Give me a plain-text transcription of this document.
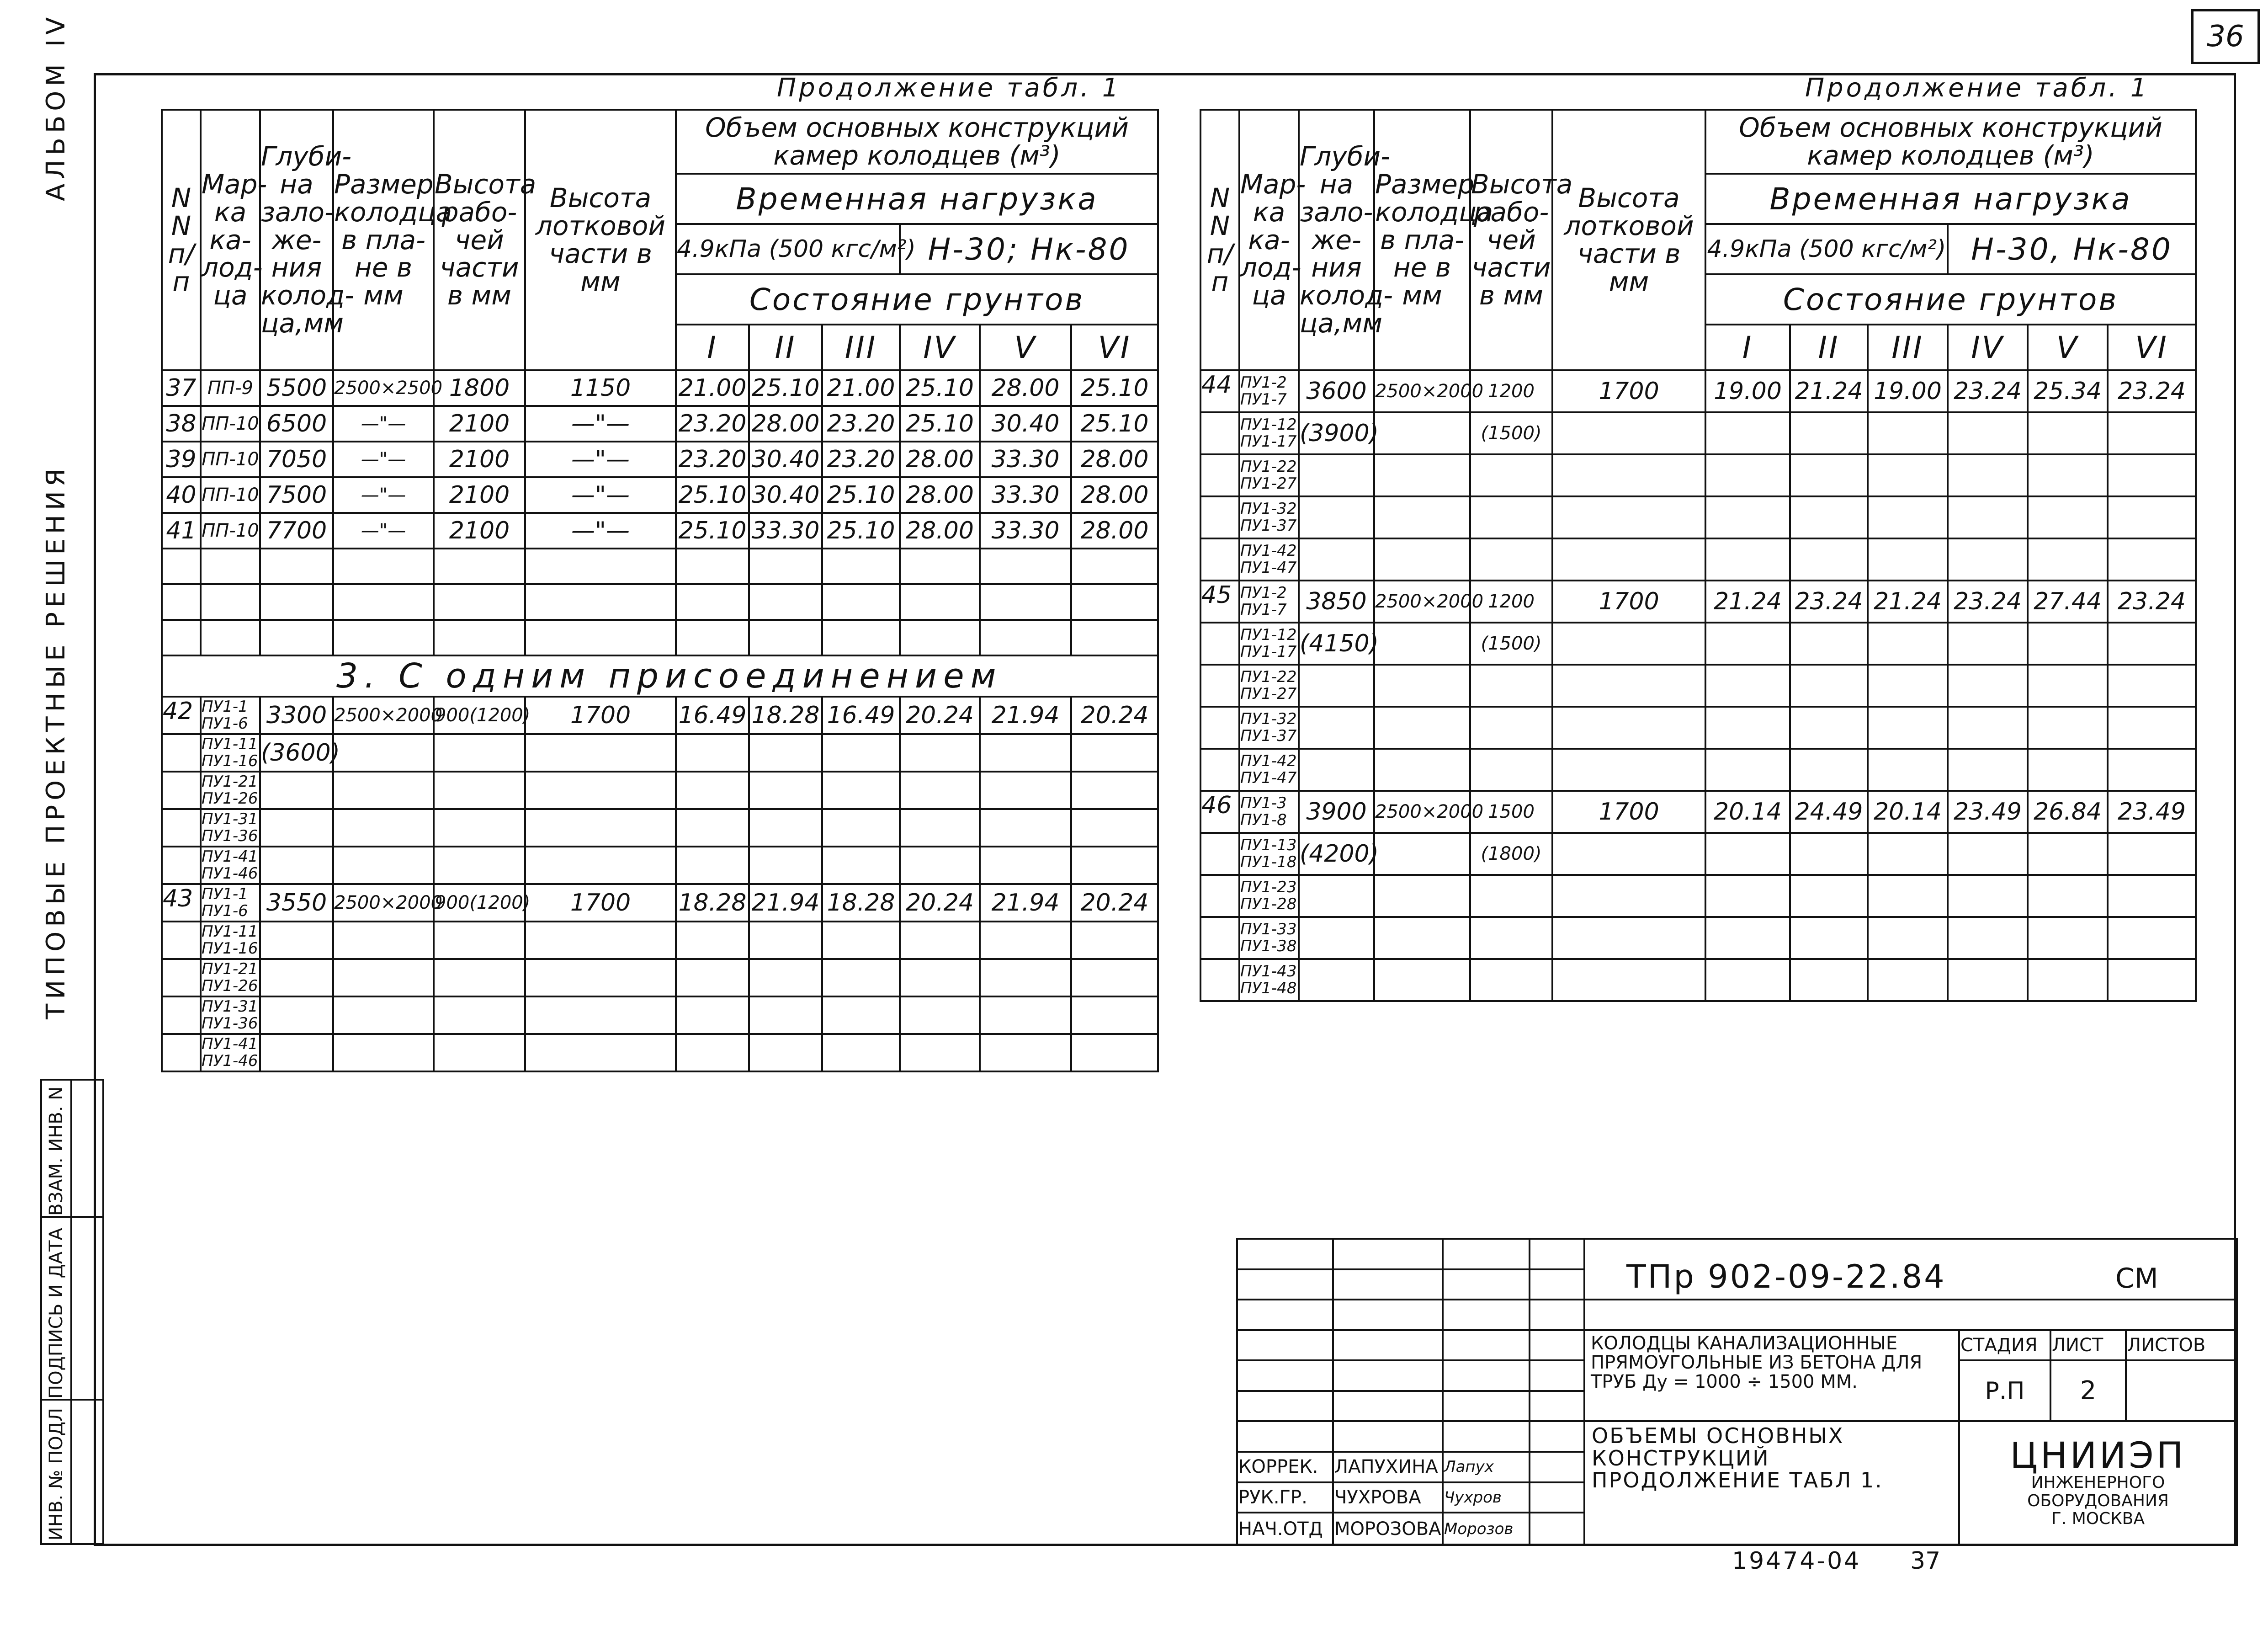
36
АЛЬБОМ IV
ТИПОВЫЕ ПРОЕКТНЫЕ РЕШЕНИЯ

ИНВ. № ПОДЛ
ПОДПИСЬ И ДАТА
ВЗАМ. ИНВ. N
Продолжение табл. 1	Продолжение табл. 1
N N п/п	Мар-ка ка-лод-ца	Глуби-на зало-же-ния колод-ца,мм	Размер колодца в пла-не в мм	Высота рабо-чей части в мм	Высота лотковой части в мм	Объем основных конструкций камер колодцев (м³)					
						Временная нагрузка					
						4.9кПа (500 кгс/м²)			Н-30; Нк-80		
						Состояние грунтов					
						I	II	III	IV	V	VI
37	ПП-9	5500	2500×2500	1800	1150	21.00	25.10	21.00	25.10	28.00	25.10
38	ПП-10	6500	—"—	2100	—"—	23.20	28.00	23.20	25.10	30.40	25.10
39	ПП-10	7050	—"—	2100	—"—	23.20	30.40	23.20	28.00	33.30	28.00
40	ПП-10	7500	—"—	2100	—"—	25.10	30.40	25.10	28.00	33.30	28.00
41	ПП-10	7700	—"—	2100	—"—	25.10	33.30	25.10	28.00	33.30	28.00

3. С одним присоединением											
42	ПУ1-1
ПУ1-6	3300	2500×2000	900(1200)	1700	16.49	18.28	16.49	20.24	21.94	20.24

	ПУ1-11
ПУ1-16	(3600)									

	ПУ1-21
ПУ1-26										

	ПУ1-31
ПУ1-36										

	ПУ1-41
ПУ1-46										

43	ПУ1-1
ПУ1-6	3550	2500×2000	900(1200)	1700	18.28	21.94	18.28	20.24	21.94	20.24

	ПУ1-11
ПУ1-16										

	ПУ1-21
ПУ1-26										

	ПУ1-31
ПУ1-36										

	ПУ1-41
ПУ1-46										

N N п/п	Мар-ка ка-лод-ца	Глуби-на зало-же-ния колод-ца,мм	Размер колодца в пла-не в мм	Высота рабо-чей части в мм	Высота лотковой части в мм	Объем основных конструкций камер колодцев (м³)					
						Временная нагрузка					
						4.9кПа (500 кгс/м²)			Н-30, Нк-80		
						Состояние грунтов					
						I	II	III	IV	V	VI
44	ПУ1-2
ПУ1-7	3600	2500×2000	1200	1700	19.00	21.24	19.00	23.24	25.34	23.24

	ПУ1-12
ПУ1-17	(3900)		(1500)							

	ПУ1-22
ПУ1-27										

	ПУ1-32
ПУ1-37										

	ПУ1-42
ПУ1-47										

45	ПУ1-2
ПУ1-7	3850	2500×2000	1200	1700	21.24	23.24	21.24	23.24	27.44	23.24

	ПУ1-12
ПУ1-17	(4150)		(1500)							

	ПУ1-22
ПУ1-27										

	ПУ1-32
ПУ1-37										

	ПУ1-42
ПУ1-47										

46	ПУ1-3
ПУ1-8	3900	2500×2000	1500	1700	20.14	24.49	20.14	23.49	26.84	23.49

	ПУ1-13
ПУ1-18	(4200)		(1800)							

	ПУ1-23
ПУ1-28										

	ПУ1-33
ПУ1-38										

	ПУ1-43
ПУ1-48										

				ТПр 902-09-22.84 СМ			

				КОЛОДЦЫ КАНАЛИЗАЦИОННЫЕ ПРЯМОУГОЛЬНЫЕ ИЗ БЕТОНА ДЛЯ ТРУБ Ду = 1000 ÷ 1500 ММ.	СТАДИЯ	ЛИСТ	ЛИСТОВ
					Р.П	2	

				ОБЪЕМЫ ОСНОВНЫХ КОНСТРУКЦИЙ ПРОДОЛЖЕНИЕ ТАБЛ 1.	ЦНИИЭП
ИНЖЕНЕРНОГО ОБОРУДОВАНИЯ
Г. МОСКВА		

КОРРЕК.	ЛАПУХИНА	Лапух					
РУК.ГР.	ЧУХРОВА	Чухров					
НАЧ.ОТД	МОРОЗОВА	Морозов					
19474-04 37
